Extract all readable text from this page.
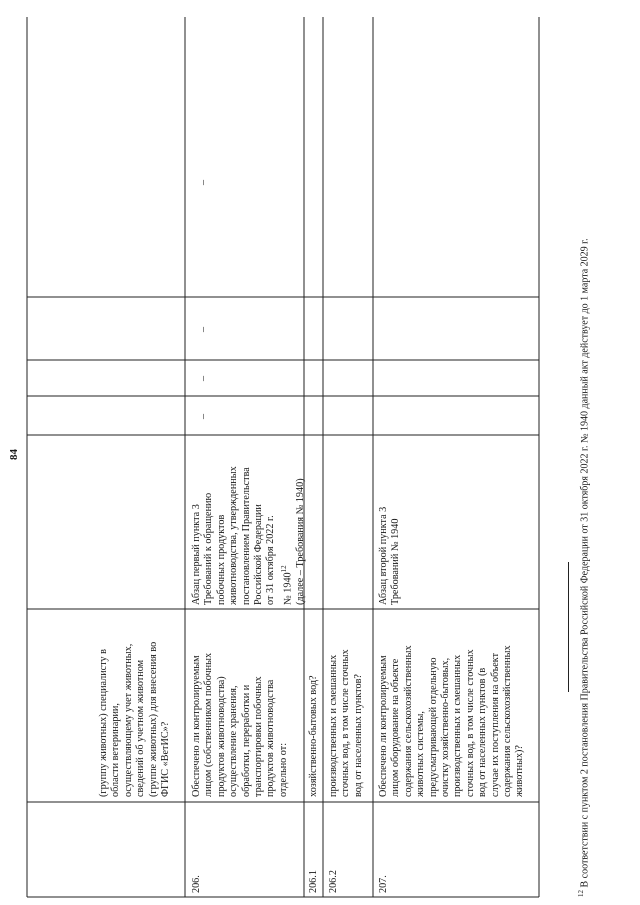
84
(группу животных) специалисту в
области ветеринарии,
осуществляющему учет животных,
сведений об учетном животном
(группе животных) для внесения во
ФГИС «ВетИС»?
206.
Обеспечено ли контролируемым
лицом (собственником побочных
продуктов животноводства)
осуществление хранения,
обработки, переработки и
транспортировки побочных
продуктов животноводства
отдельно от:
Абзац первый пункта 3
Требований к обращению
побочных продуктов
животноводства, утвержденных
постановлением Правительства
Российской Федерации
от 31 октября 2022 г.
№ 1940$^{12}$
(далее – Требования № 1940)
–
–
–
–
206.1
хозяйственно-бытовых вод?
206.2
производственных и смешанных
сточных вод, в том числе сточных
вод от населенных пунктов?
207.
Обеспечено ли контролируемым
лицом оборудование на объекте
содержания сельскохозяйственных
животных системы,
предусматривающей отдельную
очистку хозяйственно-бытовых,
производственных и смешанных
сточных вод, в том числе сточных
вод от населенных пунктов (в
случае их поступления на объект
содержания сельскохозяйственных
животных)?
Абзац второй пункта 3
Требований № 1940
$^{12}$ В соответствии с пунктом 2 постановления Правительства Российской Федерации от 31 октября 2022 г. № 1940 данный акт действует до 1 марта 2029 г.
